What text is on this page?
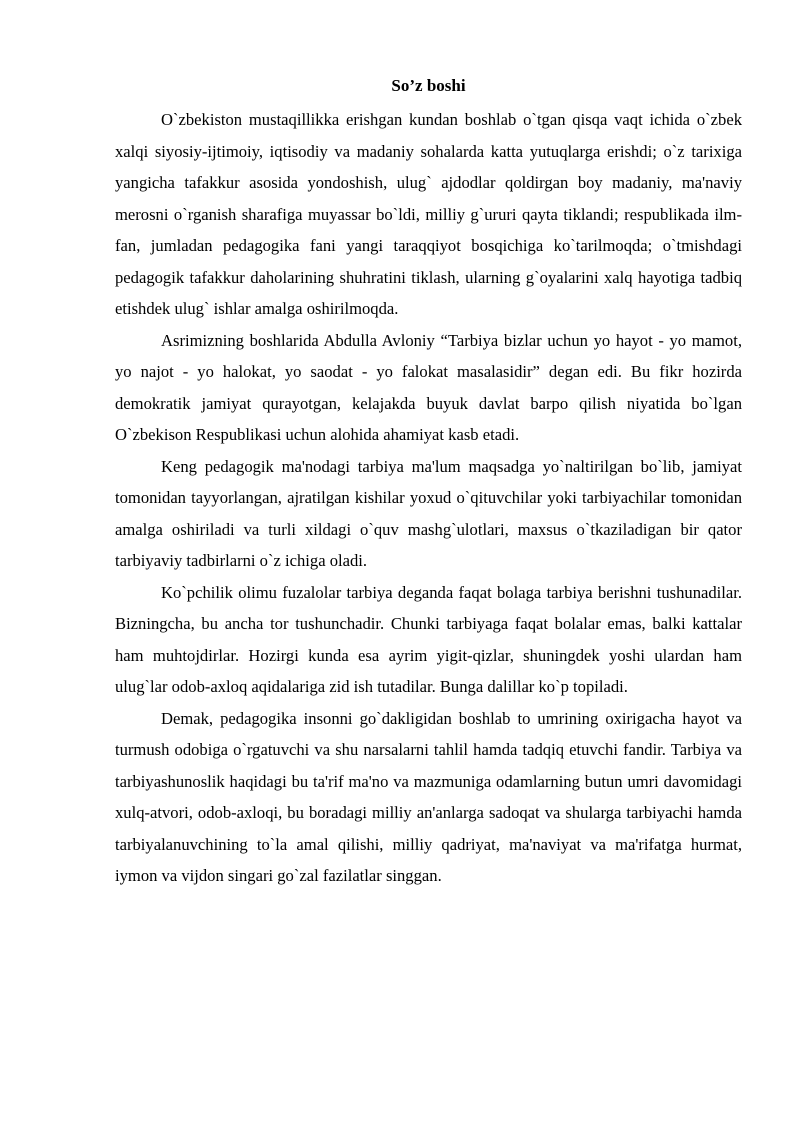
So’z boshi

O`zbekiston mustaqillikka erishgan kundan boshlab o`tgan qisqa vaqt ichida o`zbek xalqi siyosiy-ijtimoiy, iqtisodiy va madaniy sohalarda katta yutuqlarga erishdi; o`z tarixiga yangicha tafakkur asosida yondoshish, ulug` ajdodlar qoldirgan boy madaniy, ma'naviy merosni o`rganish sharafiga muyassar bo`ldi, milliy g`ururi qayta tiklandi; respublikada ilm-fan, jumladan pedagogika fani yangi taraqqiyot bosqichiga ko`tarilmoqda; o`tmishdagi pedagogik tafakkur daholarining shuhratini tiklash, ularning g`oyalarini xalq hayotiga tadbiq etishdek ulug` ishlar amalga oshirilmoqda.

Asrimizning boshlarida Abdulla Avloniy “Tarbiya bizlar uchun yo hayot - yo mamot, yo najot - yo halokat, yo saodat - yo falokat masalasidir” degan edi. Bu fikr hozirda demokratik jamiyat qurayotgan, kelajakda buyuk davlat barpo qilish niyatida bo`lgan O`zbekison Respublikasi uchun alohida ahamiyat kasb etadi.

Keng pedagogik ma'nodagi tarbiya ma'lum maqsadga yo`naltirilgan bo`lib, jamiyat tomonidan tayyorlangan, ajratilgan kishilar yoxud o`qituvchilar yoki tarbiyachilar tomonidan amalga oshiriladi va turli xildagi o`quv mashg`ulotlari, maxsus o`tkaziladigan bir qator tarbiyaviy tadbirlarni o`z ichiga oladi.

Ko`pchilik olimu fuzalolar tarbiya deganda faqat bolaga tarbiya berishni tushunadilar. Bizningcha, bu ancha tor tushunchadir. Chunki tarbiyaga faqat bolalar emas, balki kattalar ham muhtojdirlar. Hozirgi kunda esa ayrim yigit-qizlar, shuningdek yoshi ulardan ham ulug`lar odob-axloq aqidalariga zid ish tutadilar. Bunga dalillar ko`p topiladi.

Demak, pedagogika insonni go`dakligidan boshlab to umrining oxirigacha hayot va turmush odobiga o`rgatuvchi va shu narsalarni tahlil hamda tadqiq etuvchi fandir. Tarbiya va tarbiyashunoslik haqidagi bu ta'rif ma'no va mazmuniga odamlarning butun umri davomidagi xulq-atvori, odob-axloqi, bu boradagi milliy an'anlarga sadoqat va shularga tarbiyachi hamda tarbiyalanuvchining to`la amal qilishi, milliy qadriyat, ma'naviyat va ma'rifatga hurmat, iymon va vijdon singari go`zal fazilatlar singgan.
